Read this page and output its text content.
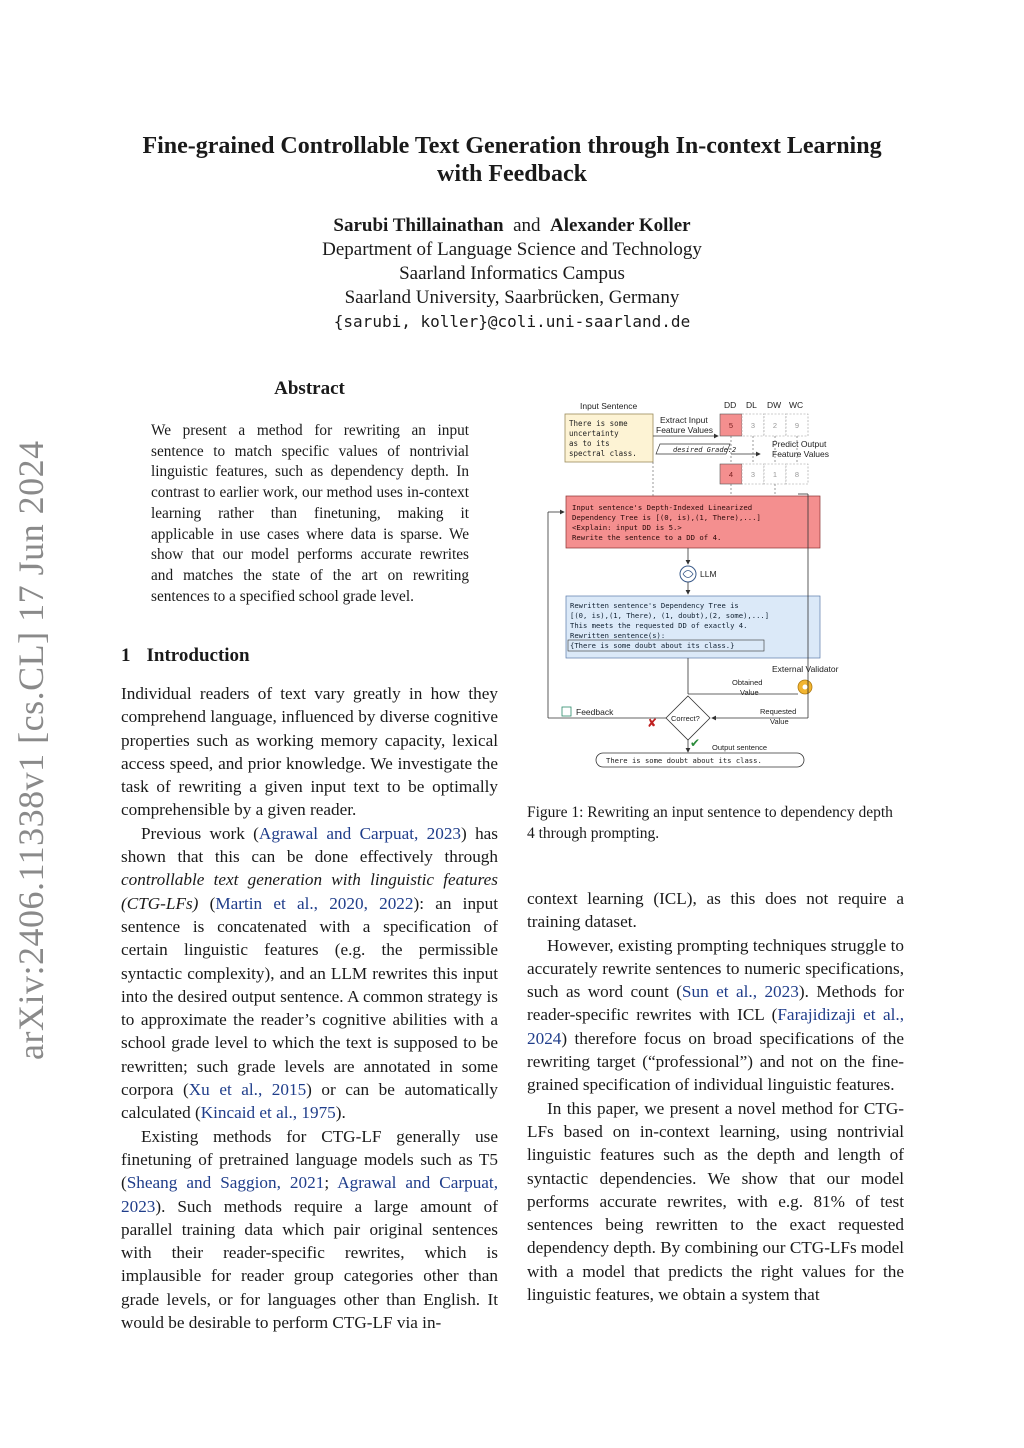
arXiv:2406.11338v1 [cs.CL] 17 Jun 2024
Fine-grained Controllable Text Generation through In-context Learning
with Feedback
Sarubi Thillainathan and Alexander Koller
Department of Language Science and Technology
Saarland Informatics Campus
Saarland University, Saarbrücken, Germany
{sarubi, koller}@coli.uni-saarland.de
Abstract
We present a method for rewriting an input sentence to match specific values of nontrivial linguistic features, such as dependency depth. In contrast to earlier work, our method uses in-context learning rather than finetuning, making it applicable in use cases where data is sparse. We show that our model performs accurate rewrites and matches the state of the art on rewriting sentences to a specified school grade level.
1 Introduction

Individual readers of text vary greatly in how they comprehend language, influenced by diverse cognitive properties such as working memory capacity, lexical access speed, and prior knowledge. We investigate the task of rewriting a given input text to be optimally comprehensible by a given reader.

Previous work (Agrawal and Carpuat, 2023) has shown that this can be done effectively through controllable text generation with linguistic features (CTG-LFs) (Martin et al., 2020, 2022): an input sentence is concatenated with a specification of certain linguistic features (e.g. the permissible syntactic complexity), and an LLM rewrites this input into the desired output sentence. A common strategy is to approximate the reader’s cognitive abilities with a school grade level to which the text is supposed to be rewritten; such grade levels are annotated in some corpora (Xu et al., 2015) or can be automatically calculated (Kincaid et al., 1975).

Existing methods for CTG-LF generally use finetuning of pretrained language models such as T5 (Sheang and Saggion, 2021; Agrawal and Carpuat, 2023). Such methods require a large amount of parallel training data which pair original sentences with their reader-specific rewrites, which is implausible for reader group categories other than grade levels, or for languages other than English. It would be desirable to perform CTG-LF via in-

Input Sentence
There is some
uncertainty
as to its
spectral class.
Extract Input
Feature Values
desired Grade:2
DD DL DW WC
5 3 2 9
Predict Output
Feature Values
4 3 1 8
Input sentence's Depth-Indexed Linearized
Dependency Tree is [(0, is),(1, There),...]
<Explain: input DD is 5.>
Rewrite the sentence to a DD of 4.
LLM
Rewritten sentence's Dependency Tree is
[(0, is),(1, There), (1, doubt),(2, some),...]
This meets the requested DD of exactly 4.
Rewritten sentence(s):
{There is some doubt about its class.}
External Validator
Obtained
Value
Correct?
Requested
Value
Feedback
✘
✔ Output sentence
There is some doubt about its class.
Figure 1: Rewriting an input sentence to dependency depth 4 through prompting.

context learning (ICL), as this does not require a training dataset.

However, existing prompting techniques struggle to accurately rewrite sentences to numeric specifications, such as word count (Sun et al., 2023). Methods for reader-specific rewrites with ICL (Farajidizaji et al., 2024) therefore focus on broad specifications of the rewriting target (“professional”) and not on the fine-grained specification of individual linguistic features.

In this paper, we present a novel method for CTG-LFs based on in-context learning, using nontrivial linguistic features such as the depth and length of syntactic dependencies. We show that our model performs accurate rewrites, with e.g. 81% of test sentences being rewritten to the exact requested dependency depth. By combining our CTG-LFs model with a model that predicts the right values for the linguistic features, we obtain a system that
